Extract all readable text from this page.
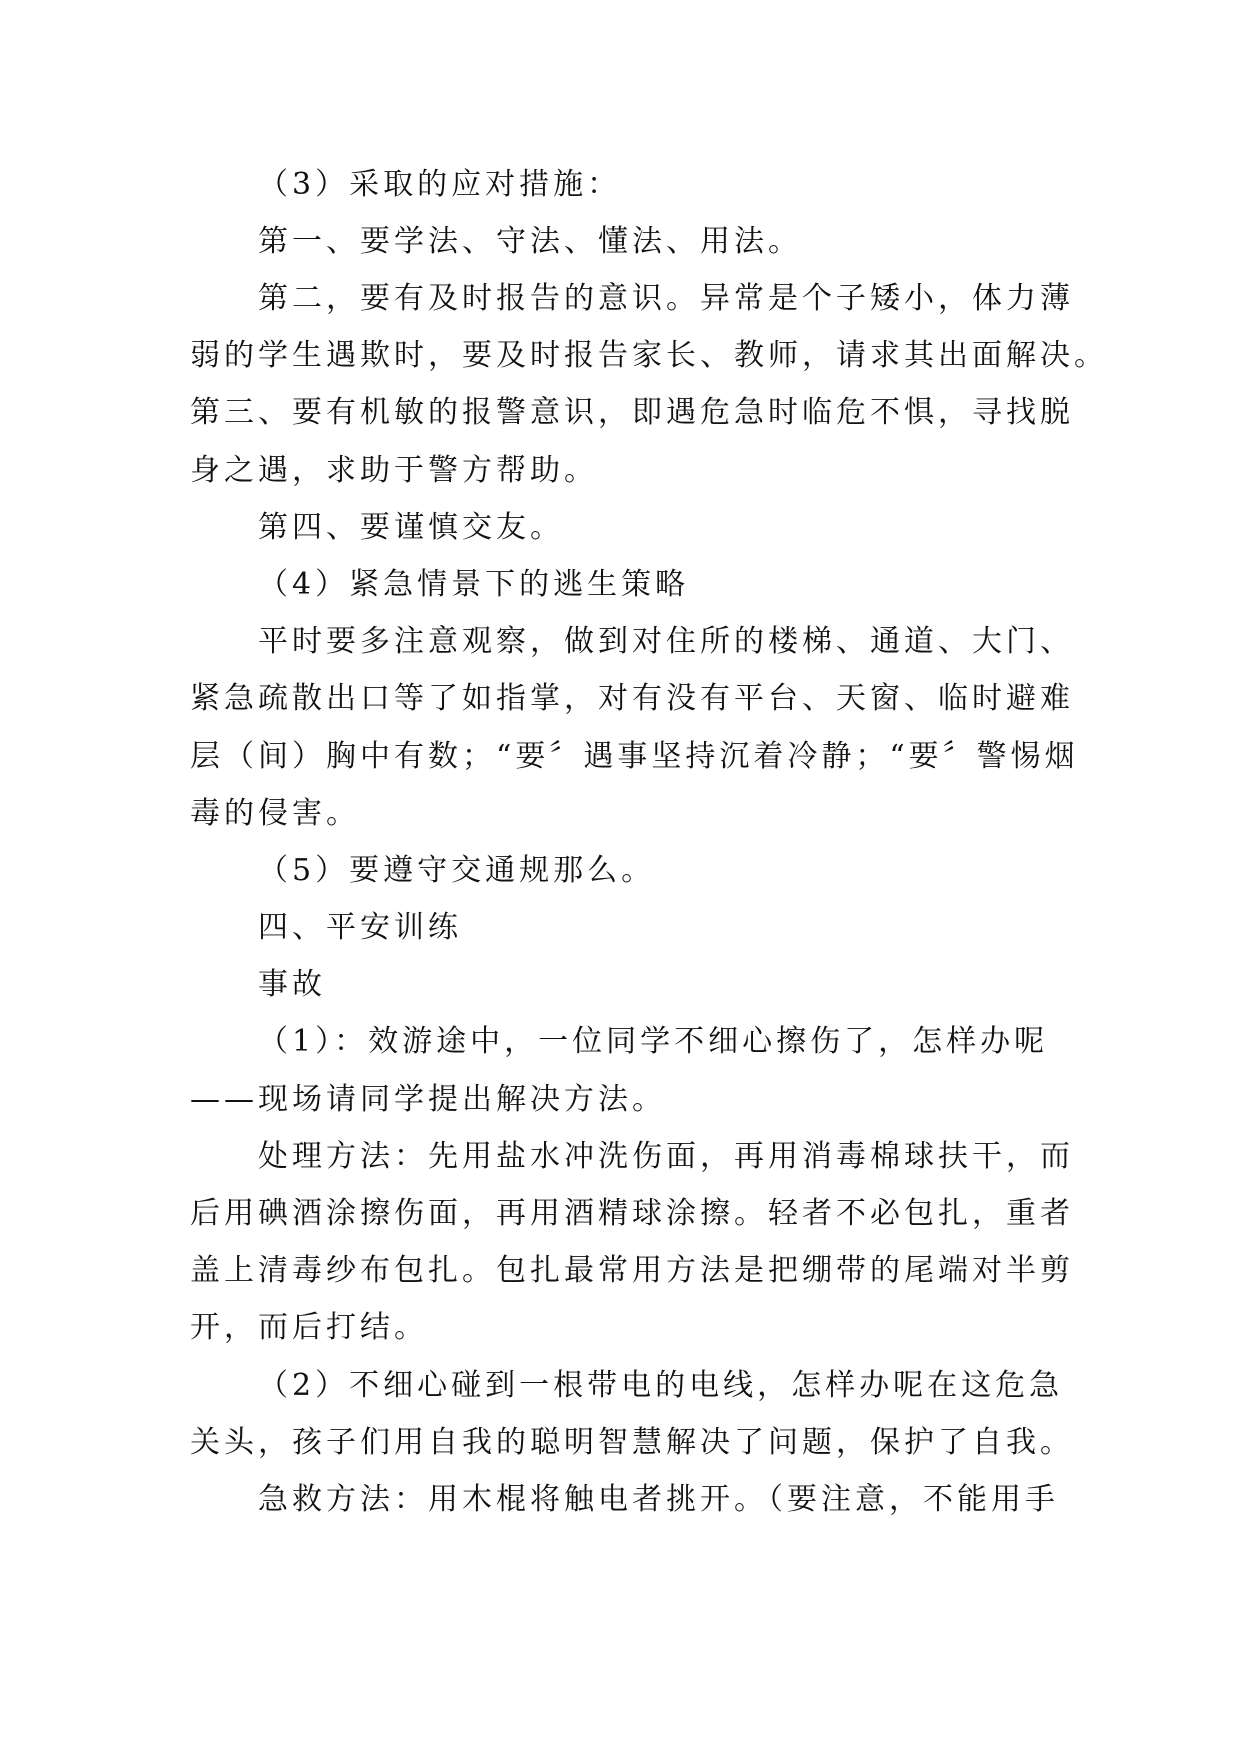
（3）采取的应对措施：
第一、要学法、守法、懂法、用法。
第二，要有及时报告的意识。异常是个子矮小，体力薄
弱的学生遇欺时，要及时报告家长、教师，请求其出面解决。
第三、要有机敏的报警意识，即遇危急时临危不惧，寻找脱
身之遇，求助于警方帮助。
第四、要谨慎交友。
（4）紧急情景下的逃生策略
平时要多注意观察，做到对住所的楼梯、通道、大门、
紧急疏散出口等了如指掌，对有没有平台、天窗、临时避难
层（间）胸中有数；“要〞遇事坚持沉着冷静；“要〞警惕烟
毒的侵害。
（5）要遵守交通规那么。
四、平安训练
事故
（1）：效游途中，一位同学不细心擦伤了，怎样办呢
——现场请同学提出解决方法。
处理方法：先用盐水冲洗伤面，再用消毒棉球扶干，而
后用碘酒涂擦伤面，再用酒精球涂擦。轻者不必包扎，重者
盖上清毒纱布包扎。包扎最常用方法是把绷带的尾端对半剪
开，而后打结。
（2）不细心碰到一根带电的电线，怎样办呢在这危急
关头，孩子们用自我的聪明智慧解决了问题，保护了自我。
急救方法：用木棍将触电者挑开。（要注意，不能用手
